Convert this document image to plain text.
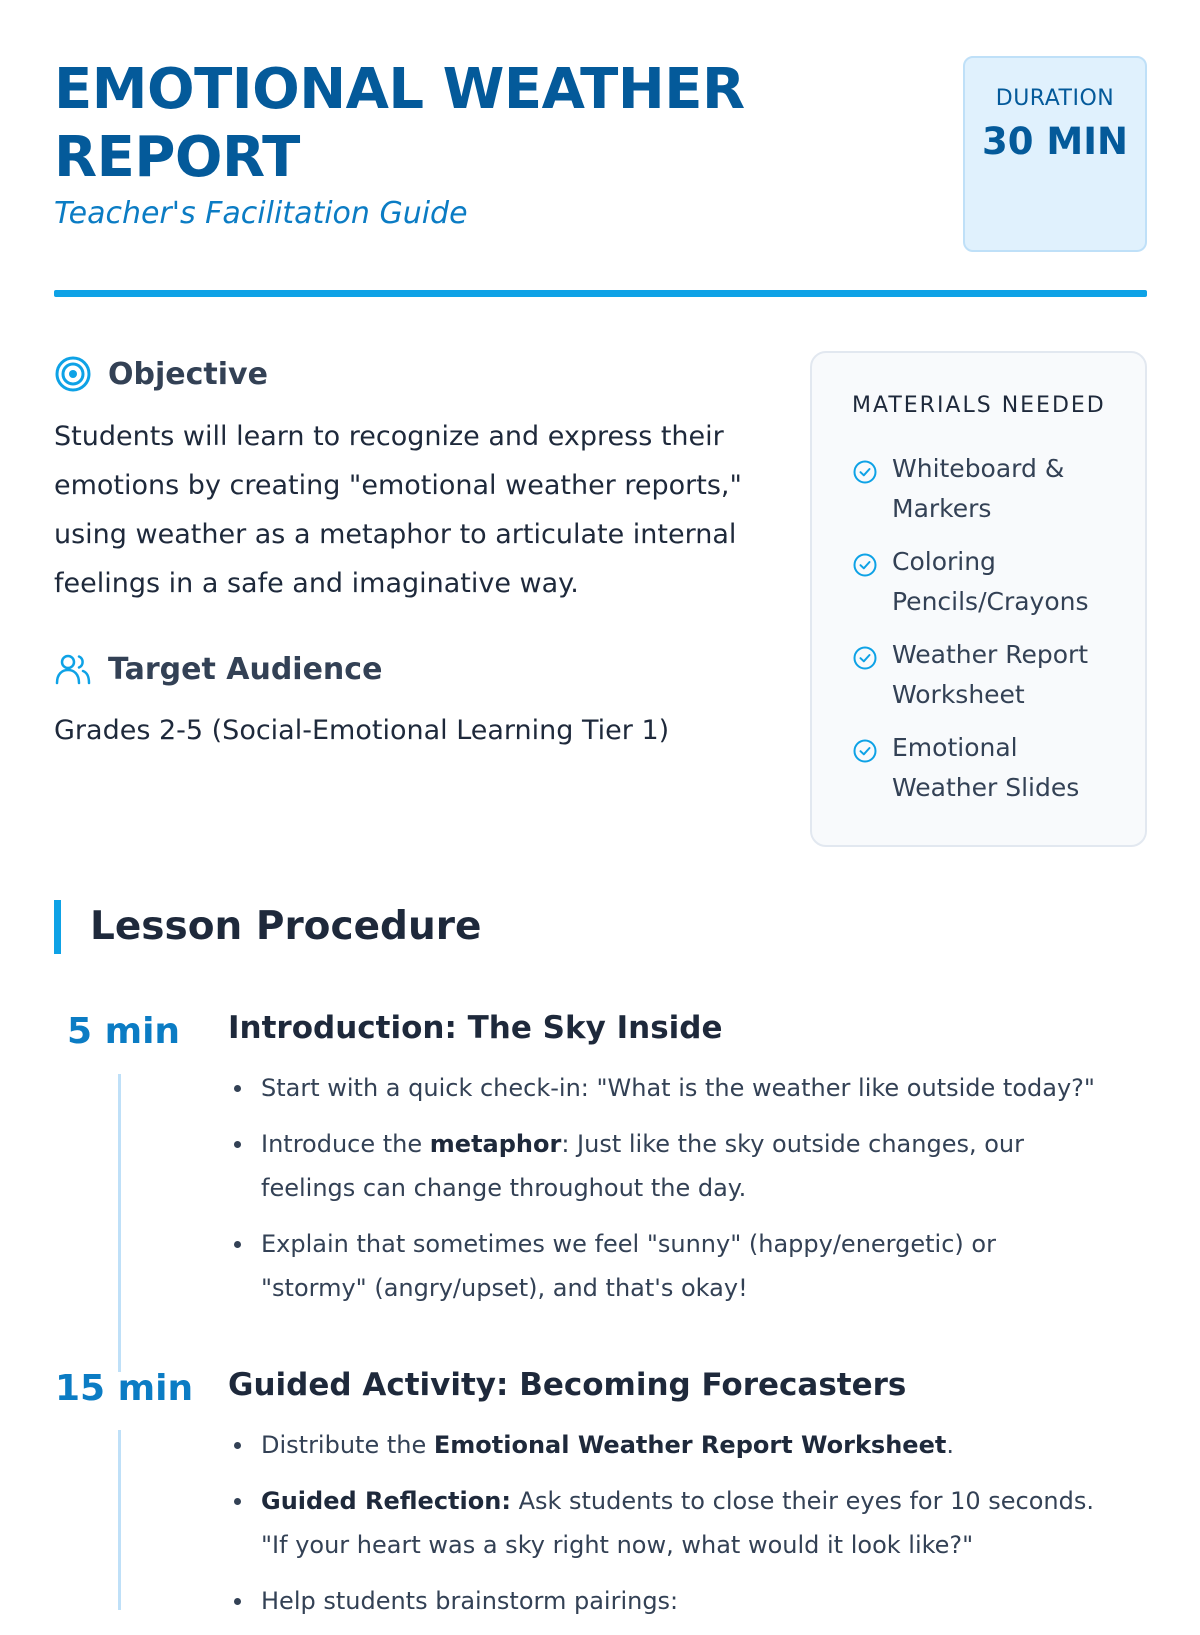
EMOTIONAL WEATHER REPORT
Teacher's Facilitation Guide
DURATION
30 MIN
Objective
Students will learn to recognize and express their emotions by creating "emotional weather reports," using weather as a metaphor to articulate internal feelings in a safe and imaginative way.
Target Audience
Grades 2-5 (Social-Emotional Learning Tier 1)
MATERIALS NEEDED
Whiteboard & Markers
Coloring Pencils/Crayons
Weather Report Worksheet
Emotional Weather Slides
Lesson Procedure
5 min Introduction: The Sky Inside
Start with a quick check-in: "What is the weather like outside today?"
Introduce the metaphor: Just like the sky outside changes, our feelings can change throughout the day.
Explain that sometimes we feel "sunny" (happy/energetic) or "stormy" (angry/upset), and that's okay!
15 min Guided Activity: Becoming Forecasters
Distribute the Emotional Weather Report Worksheet.
Guided Reflection: Ask students to close their eyes for 10 seconds. "If your heart was a sky right now, what would it look like?"
Help students brainstorm pairings:
